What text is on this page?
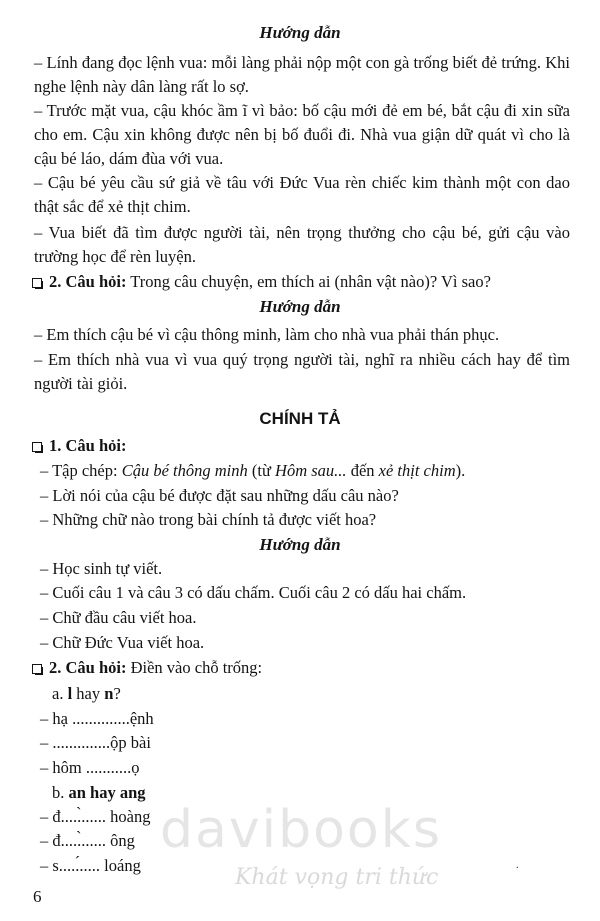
Hướng dẫn
– Lính đang đọc lệnh vua: mỗi làng phải nộp một con gà trống biết đẻ trứng. Khi nghe lệnh này dân làng rất lo sợ.
– Trước mặt vua, cậu khóc ầm ĩ vì bảo: bố cậu mới đẻ em bé, bắt cậu đi xin sữa cho em. Cậu xin không được nên bị bố đuổi đi. Nhà vua giận dữ quát vì cho là cậu bé láo, dám đùa với vua.
– Cậu bé yêu cầu sứ giả về tâu với Đức Vua rèn chiếc kim thành một con dao thật sắc để xẻ thịt chim.
– Vua biết đã tìm được người tài, nên trọng thưởng cho cậu bé, gửi cậu vào trường học để rèn luyện.
2. Câu hỏi: Trong câu chuyện, em thích ai (nhân vật nào)? Vì sao?
Hướng dẫn
– Em thích cậu bé vì cậu thông minh, làm cho nhà vua phải thán phục.
– Em thích nhà vua vì vua quý trọng người tài, nghĩ ra nhiều cách hay để tìm người tài giỏi.
CHÍNH TẢ
1. Câu hỏi:
– Tập chép: Cậu bé thông minh (từ Hôm sau... đến xẻ thịt chim).
– Lời nói của cậu bé được đặt sau những dấu câu nào?
– Những chữ nào trong bài chính tả được viết hoa?
Hướng dẫn
– Học sinh tự viết.
– Cuối câu 1 và câu 3 có dấu chấm. Cuối câu 2 có dấu hai chấm.
– Chữ đầu câu viết hoa.
– Chữ Đức Vua viết hoa.
2. Câu hỏi: Điền vào chỗ trống:
a. l hay n?
– hạ ..............ệnh
– ..............ộp bài
– hôm ...........ọ
b. an hay ang
– đ.....̀...... hoàng
– đ.....̀...... ông
– s.....́..... loáng
davibooks
Khát vọng tri thức	.
6
